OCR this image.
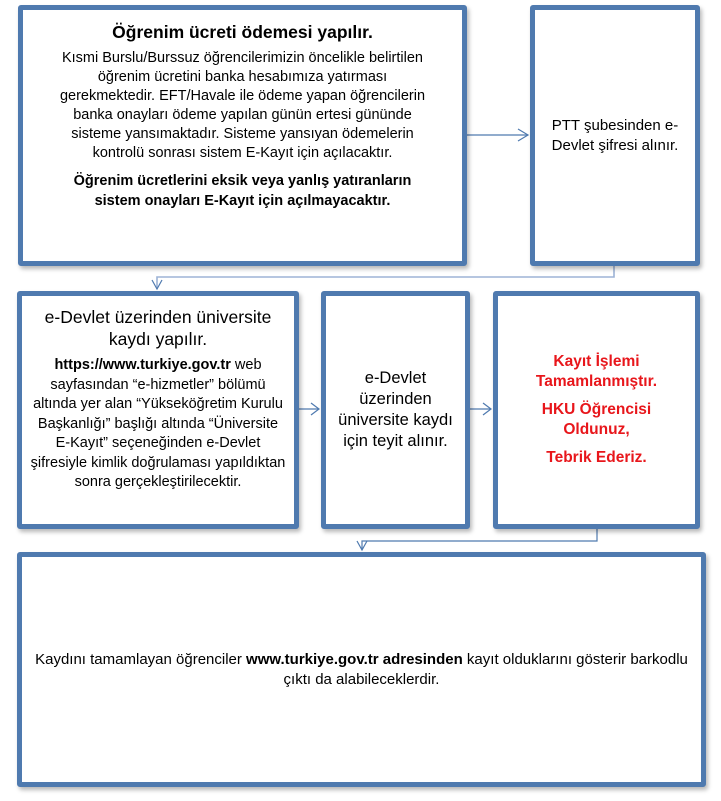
Öğrenim ücreti ödemesi yapılır.
Kısmi Burslu/Burssuz öğrencilerimizin öncelikle belirtilen
öğrenim ücretini banka hesabımıza yatırması
gerekmektedir. EFT/Havale ile ödeme yapan öğrencilerin
banka onayları ödeme yapılan günün ertesi gününde
sisteme yansımaktadır. Sisteme yansıyan ödemelerin
kontrolü sonrası sistem E-Kayıt için açılacaktır.
Öğrenim ücretlerini eksik veya yanlış yatıranların
sistem onayları E-Kayıt için açılmayacaktır.
PTT şubesinden e-Devlet şifresi alınır.
e-Devlet üzerinden üniversite kaydı yapılır.
https://www.turkiye.gov.tr web sayfasından “e-hizmetler” bölümü altında yer alan “Yükseköğretim Kurulu Başkanlığı” başlığı altında “Üniversite E-Kayıt” seçeneğinden e-Devlet şifresiyle kimlik doğrulaması yapıldıktan sonra gerçekleştirilecektir.
e-Devlet üzerinden üniversite kaydı için teyit alınır.
Kayıt İşlemi Tamamlanmıştır.
HKU Öğrencisi Oldunuz,
Tebrik Ederiz.
Kaydını tamamlayan öğrenciler www.turkiye.gov.tr adresinden kayıt olduklarını gösterir barkodlu çıktı da alabileceklerdir.
